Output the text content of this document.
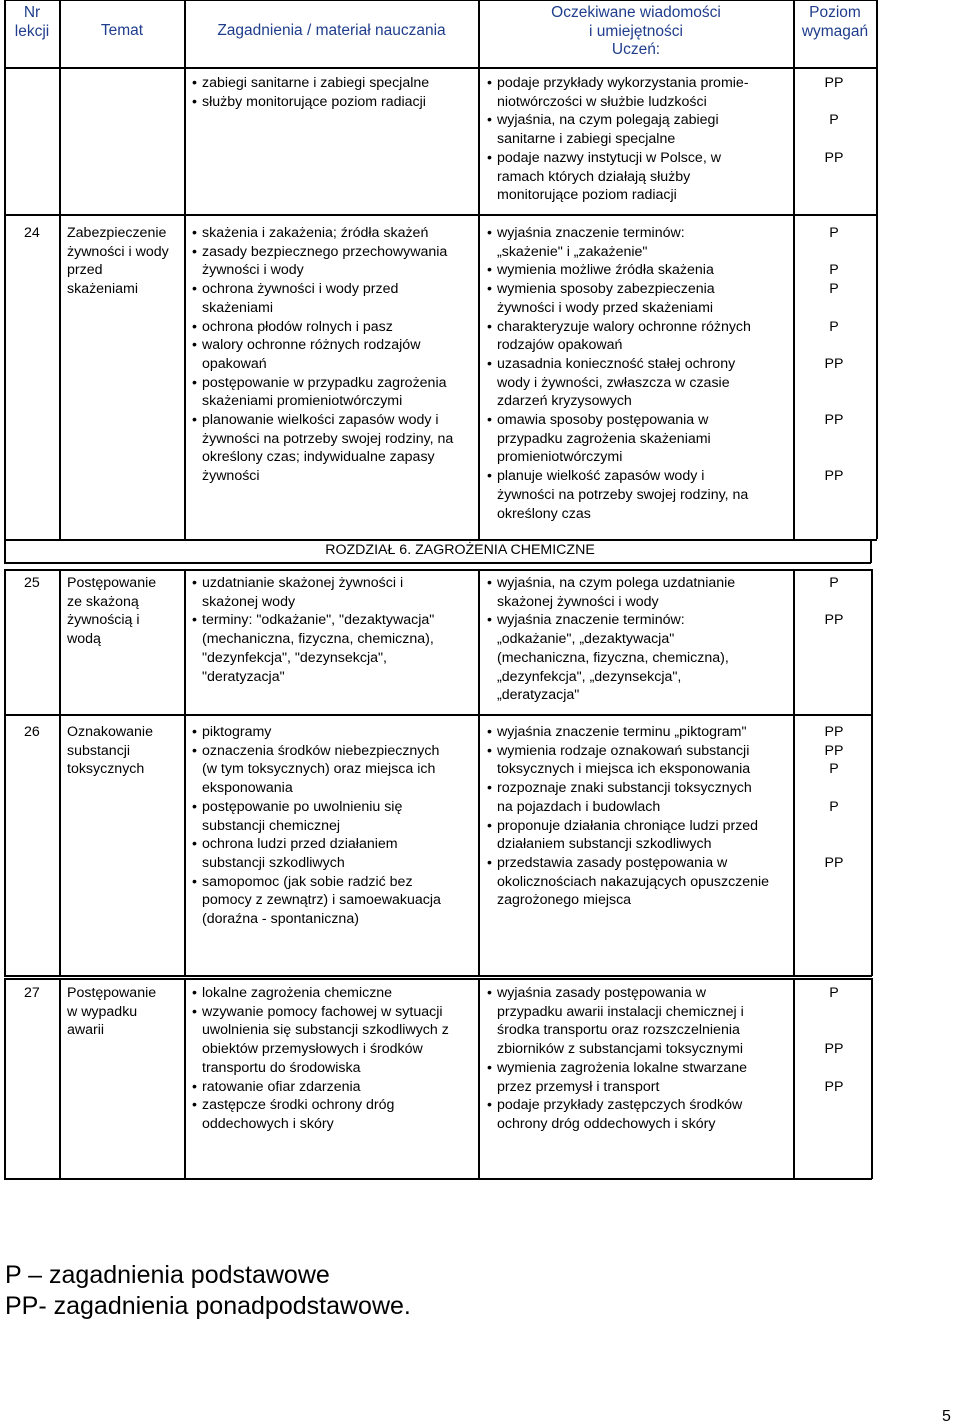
Nr
lekcji	Temat	Zagadnienia / materiał nauczania
Oczekiwane wiadomości
i umiejętności
Uczeń:
Poziom
wymagań
• zabiegi sanitarne i zabiegi specjalne
• służby monitorujące poziom radiacji
• podaje przykłady wykorzystania promie-
niotwórczości w służbie ludzkości
• wyjaśnia, na czym polegają zabiegi
sanitarne i zabiegi specjalne
• podaje nazwy instytucji w Polsce, w
ramach których działają służby
monitorujące poziom radiacji
PP

P

PP
24 Zabezpieczenie
żywności i wody
przed
skażeniami
• skażenia i zakażenia; źródła skażeń
• zasady bezpiecznego przechowywania
żywności i wody
• ochrona żywności i wody przed
skażeniami
• ochrona płodów rolnych i pasz
• walory ochronne różnych rodzajów
opakowań
• postępowanie w przypadku zagrożenia
skażeniami promieniotwórczymi
• planowanie wielkości zapasów wody i
żywności na potrzeby swojej rodziny, na
określony czas; indywidualne zapasy
żywności
• wyjaśnia znaczenie terminów:
„skażenie" i „zakażenie"
• wymienia możliwe źródła skażenia
• wymienia sposoby zabezpieczenia
żywności i wody przed skażeniami
• charakteryzuje walory ochronne różnych
rodzajów opakowań
• uzasadnia konieczność stałej ochrony
wody i żywności, zwłaszcza w czasie
zdarzeń kryzysowych
• omawia sposoby postępowania w
przypadku zagrożenia skażeniami
promieniotwórczymi
• planuje wielkość zapasów wody i
żywności na potrzeby swojej rodziny, na
określony czas
P

P
P

P

PP

PP

PP
ROZDZIAŁ 6. ZAGROŻENIA CHEMICZNE
25 Postępowanie
ze skażoną
żywnością i
wodą
• uzdatnianie skażonej żywności i
skażonej wody
• terminy: "odkażanie", "dezaktywacja"
(mechaniczna, fizyczna, chemiczna),
"dezynfekcja", "dezynsekcja",
"deratyzacja"
• wyjaśnia, na czym polega uzdatnianie
skażonej żywności i wody
• wyjaśnia znaczenie terminów:
„odkażanie", „dezaktywacja"
(mechaniczna, fizyczna, chemiczna),
„dezynfekcja", „dezynsekcja",
„deratyzacja"
P

PP
26 Oznakowanie
substancji
toksycznych
• piktogramy
• oznaczenia środków niebezpiecznych
(w tym toksycznych) oraz miejsca ich
eksponowania
• postępowanie po uwolnieniu się
substancji chemicznej
• ochrona ludzi przed działaniem
substancji szkodliwych
• samopomoc (jak sobie radzić bez
pomocy z zewnątrz) i samoewakuacja
(doraźna - spontaniczna)
• wyjaśnia znaczenie terminu „piktogram"
• wymienia rodzaje oznakowań substancji
toksycznych i miejsca ich eksponowania
• rozpoznaje znaki substancji toksycznych
na pojazdach i budowlach
• proponuje działania chroniące ludzi przed
działaniem substancji szkodliwych
• przedstawia zasady postępowania w
okolicznościach nakazujących opuszczenie
zagrożonego miejsca
PP
PP
P

P

PP
27 Postępowanie
w wypadku
awarii
• lokalne zagrożenia chemiczne
• wzywanie pomocy fachowej w sytuacji
uwolnienia się substancji szkodliwych z
obiektów przemysłowych i środków
transportu do środowiska
• ratowanie ofiar zdarzenia
• zastępcze środki ochrony dróg
oddechowych i skóry
• wyjaśnia zasady postępowania w
przypadku awarii instalacji chemicznej i
środka transportu oraz rozszczelnienia
zbiorników z substancjami toksycznymi
• wymienia zagrożenia lokalne stwarzane
przez przemysł i transport
• podaje przykłady zastępczych środków
ochrony dróg oddechowych i skóry
P

PP

PP
P – zagadnienia podstawowe
PP- zagadnienia ponadpodstawowe.
5
